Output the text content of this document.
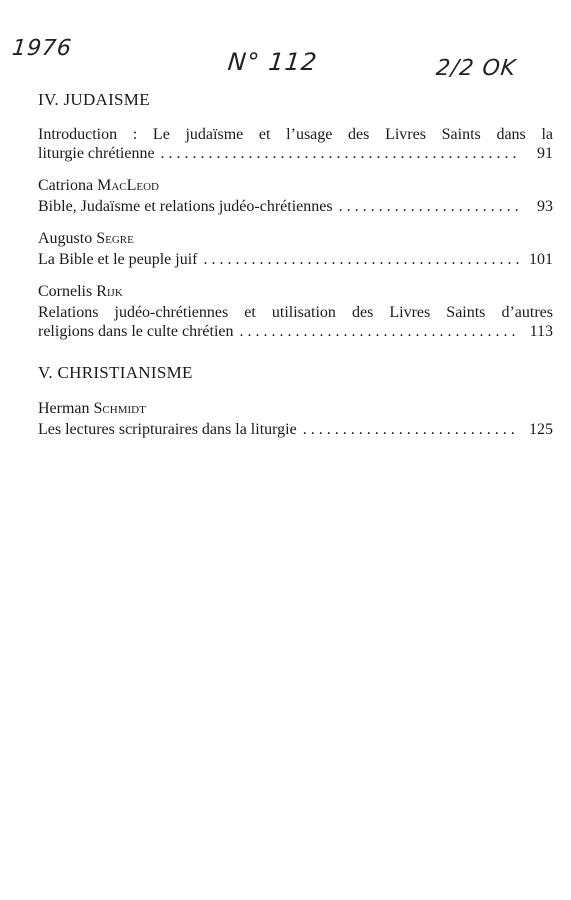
1976	N° 112	2/2 OK
IV. JUDAISME
Introduction : Le judaïsme et l’usage des Livres Saints dans la
liturgie chrétienne . . .	91
Catriona MacLeod
Bible, Judaïsme et relations judéo-chrétiennes . . .	93
Augusto Segre
La Bible et le peuple juif . . .	101
Cornelis Rijk
Relations judéo-chrétiennes et utilisation des Livres Saints d’autres
religions dans le culte chrétien . . .	113
V. CHRISTIANISME
Herman Schmidt
Les lectures scripturaires dans la liturgie . . .	125
